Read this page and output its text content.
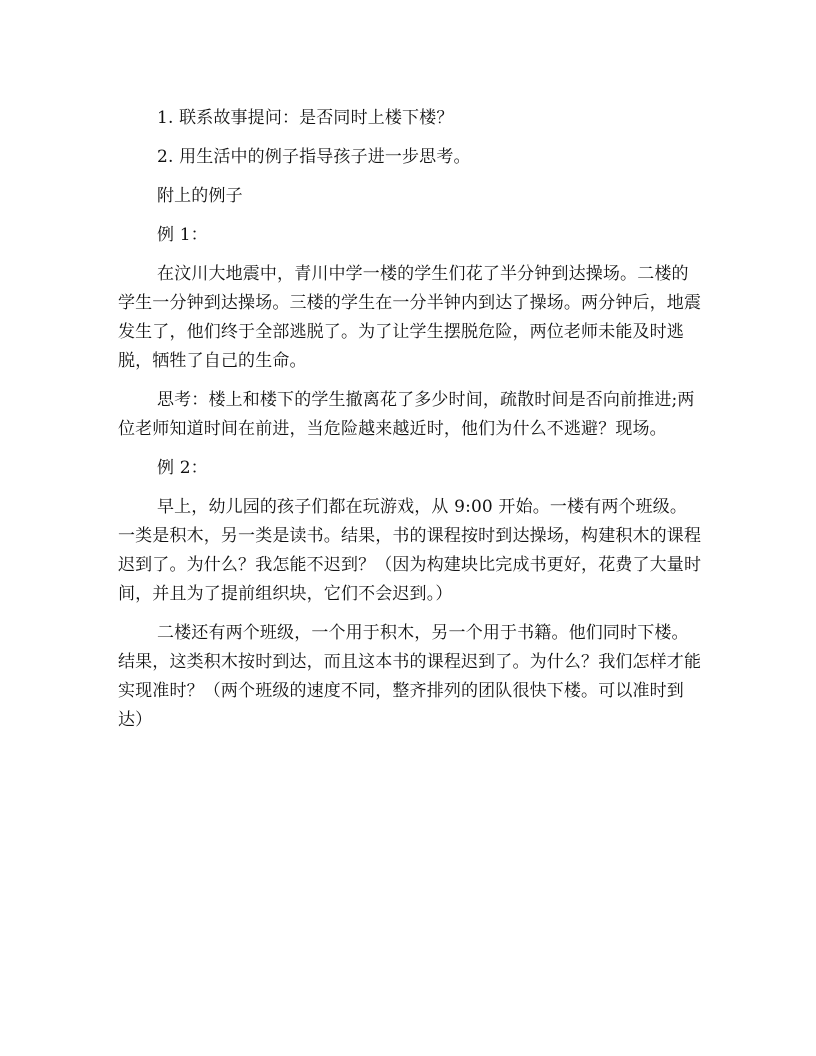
1. 联系故事提问：是否同时上楼下楼？

2. 用生活中的例子指导孩子进一步思考。

附上的例子

例 1：

在汶川大地震中，青川中学一楼的学生们花了半分钟到达操场。二楼的学生一分钟到达操场。三楼的学生在一分半钟内到达了操场。两分钟后，地震发生了，他们终于全部逃脱了。为了让学生摆脱危险，两位老师未能及时逃脱，牺牲了自己的生命。

思考：楼上和楼下的学生撤离花了多少时间，疏散时间是否向前推进;两位老师知道时间在前进，当危险越来越近时，他们为什么不逃避？现场。

例 2：

早上，幼儿园的孩子们都在玩游戏，从 9:00 开始。一楼有两个班级。一类是积木，另一类是读书。结果，书的课程按时到达操场，构建积木的课程迟到了。为什么？我怎能不迟到？（因为构建块比完成书更好，花费了大量时间，并且为了提前组织块，它们不会迟到。）

二楼还有两个班级，一个用于积木，另一个用于书籍。他们同时下楼。结果，这类积木按时到达，而且这本书的课程迟到了。为什么？我们怎样才能实现准时？（两个班级的速度不同，整齐排列的团队很快下楼。可以准时到达）
